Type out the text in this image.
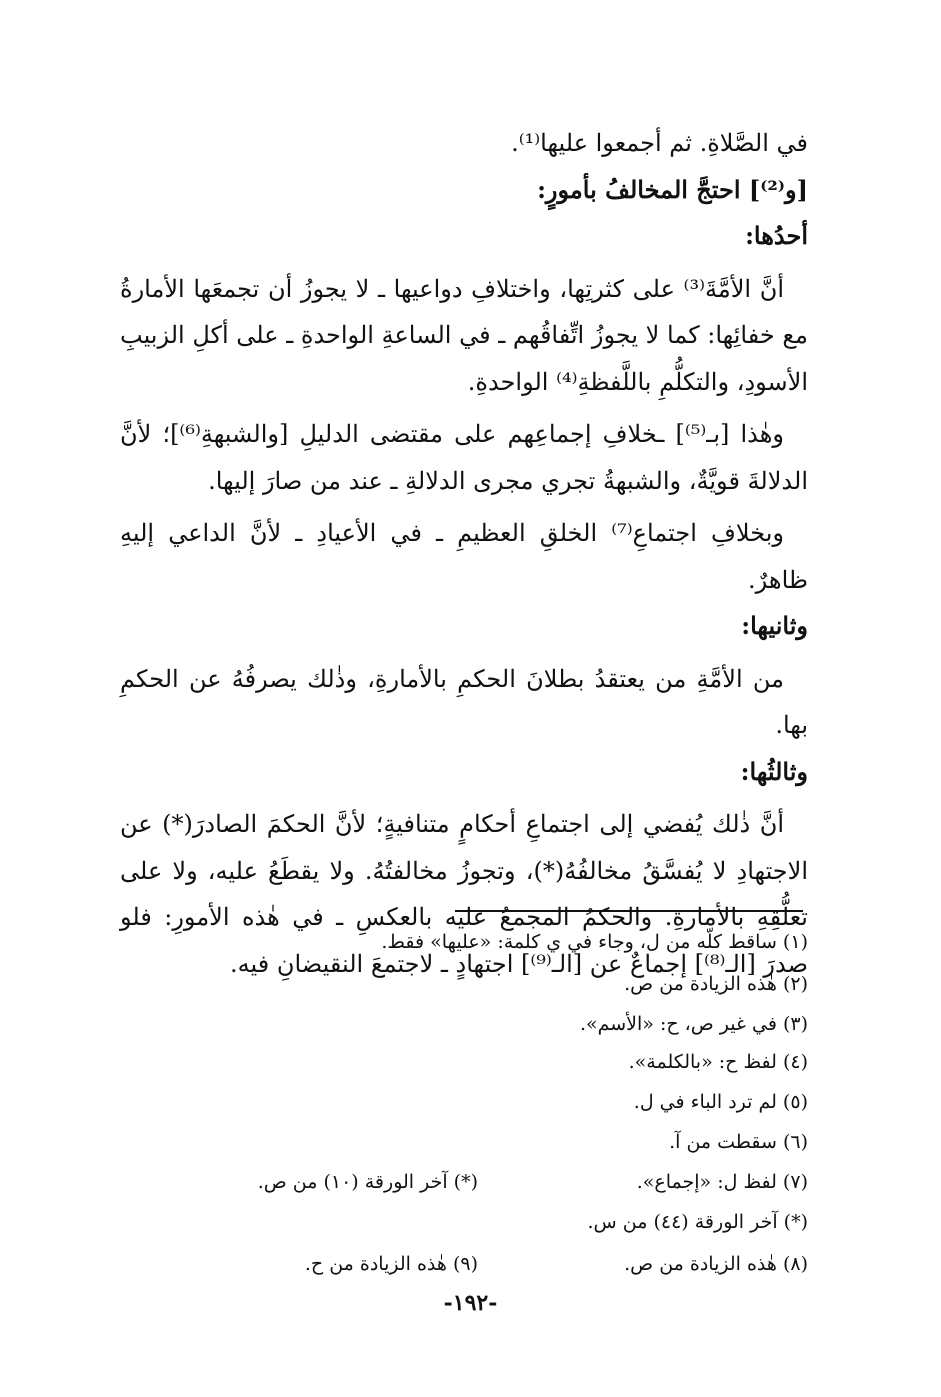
في الصَّلاةِ. ثم أجمعوا عليها⁽¹⁾.

[و⁽²⁾] احتجَّ المخالفُ بأمورٍ:

أحدُها:

أنَّ الأمَّةَ⁽³⁾ على كثرتِها، واختلافِ دواعيها ـ لا يجوزُ أن تجمعَها الأمارةُ مع خفائِها: كما لا يجوزُ اتِّفاقُهم ـ في الساعةِ الواحدةِ ـ على أكلِ الزبيبِ الأسودِ، والتكلُّمِ باللَّفظةِ⁽⁴⁾ الواحدةِ.

وهٰذا [بـ⁽⁵⁾] ـخلافِ إجماعِهم على مقتضى الدليلِ [والشبهةِ⁽⁶⁾]؛ لأنَّ الدلالةَ قويَّةٌ، والشبهةُ تجري مجرى الدلالةِ ـ عند من صارَ إليها.

وبخلافِ اجتماعِ⁽⁷⁾ الخلقِ العظيمِ ـ في الأعيادِ ـ لأنَّ الداعي إليهِ ظاهرٌ.

وثانيها:

من الأمَّةِ من يعتقدُ بطلانَ الحكمِ بالأمارةِ، وذٰلك يصرفُهُ عن الحكمِ بها.

وثالثُها:

أنَّ ذٰلك يُفضي إلى اجتماعِ أحكامٍ متنافيةٍ؛ لأنَّ الحكمَ الصادرَ(*) عن الاجتهادِ لا يُفسَّقُ مخالفُهُ(*)، وتجوزُ مخالفتُهُ. ولا يقطَعُ عليه، ولا على تعلُّقِهِ بالأمارةِ. والحكمُ المجمعُ عليه بالعكسِ ـ في هٰذه الأمورِ: فلو صدرَ [الـ⁽⁸⁾] إجماعٌ عن [الـ⁽⁹⁾] اجتهادٍ ـ لاجتمعَ النقيضانِ فيه.

(١) ساقط كلّه من ل، وجاء في ي كلمة: «عليها» فقط.
(٢) هٰذه الزيادة من ص.
(٣) في غير ص، ح: «الأسم».
(٤) لفظ ح: «بالكلمة».
(٥) لم ترد الباء في ل.
(٦) سقطت من آ.
(٧) لفظ ل: «إجماع».
(*) آخر الورقة (١٠) من ص.
(*) آخر الورقة (٤٤) من س.
(٨) هٰذه الزيادة من ص.
(٩) هٰذه الزيادة من ح.
-١٩٢-
